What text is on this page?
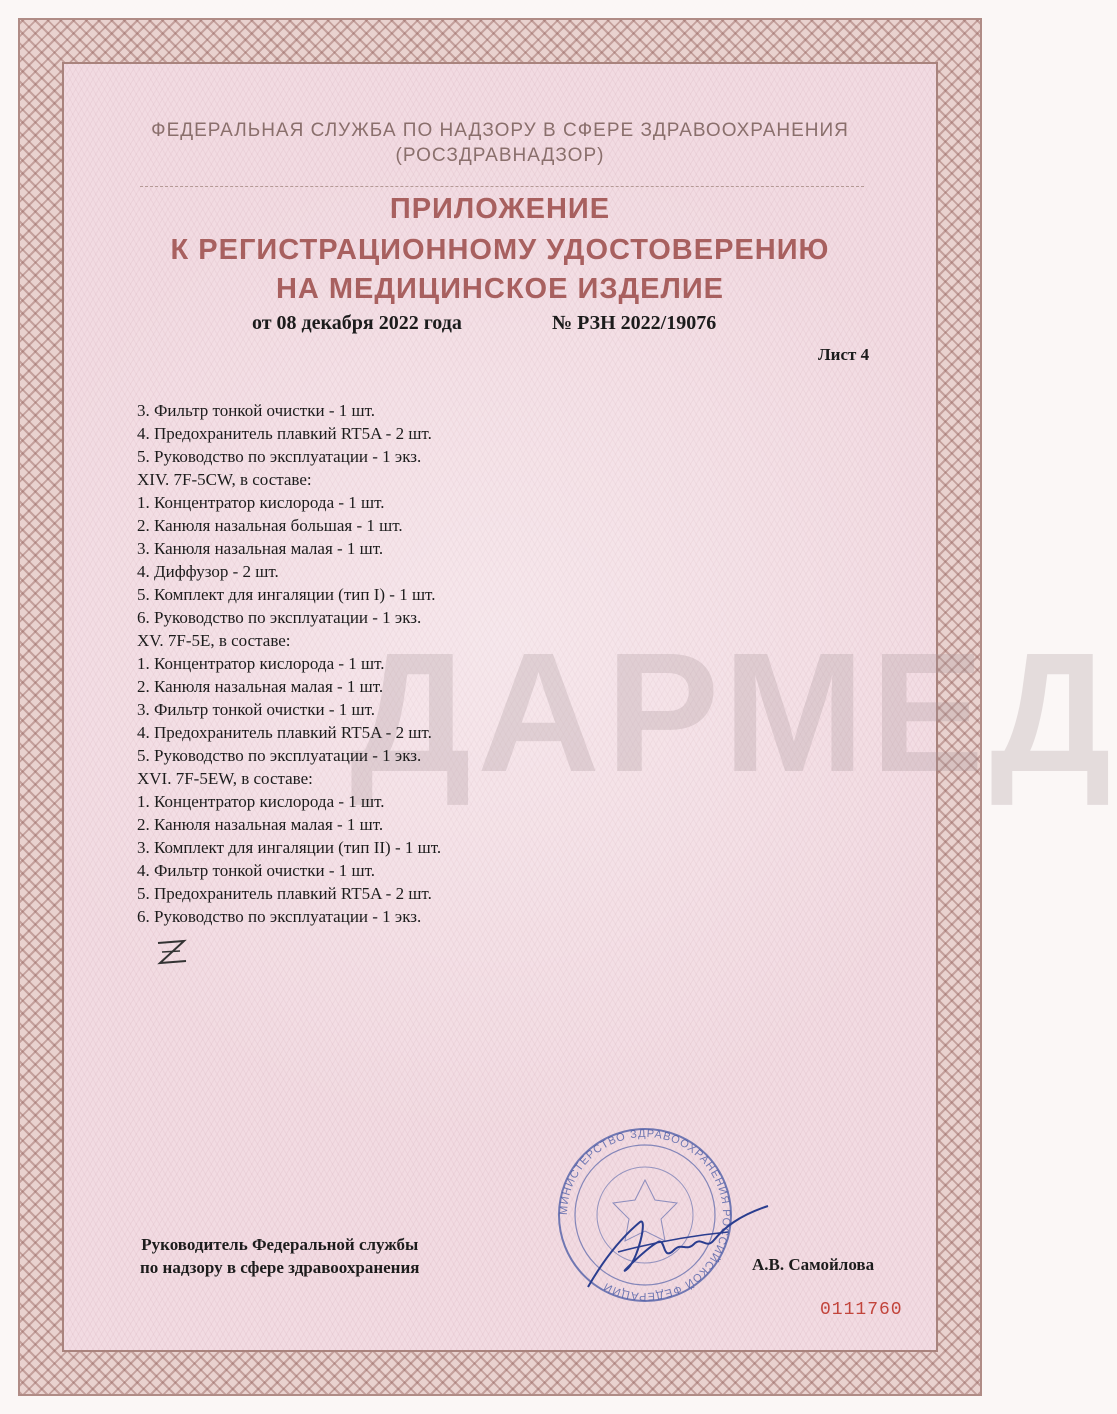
ФЕДЕРАЛЬНАЯ СЛУЖБА ПО НАДЗОРУ В СФЕРЕ ЗДРАВООХРАНЕНИЯ
(РОСЗДРАВНАДЗОР)
ПРИЛОЖЕНИЕ
К РЕГИСТРАЦИОННОМУ УДОСТОВЕРЕНИЮ
НА МЕДИЦИНСКОЕ ИЗДЕЛИЕ
от 08 декабря 2022 года	№ РЗН 2022/19076
Лист 4
ДАРМЕД
3. Фильтр тонкой очистки - 1 шт.
4. Предохранитель плавкий RT5A - 2 шт.
5. Руководство по эксплуатации - 1 экз.
XIV. 7F-5CW, в составе:
1. Концентратор кислорода - 1 шт.
2. Канюля назальная большая - 1 шт.
3. Канюля назальная малая - 1 шт.
4. Диффузор - 2 шт.
5. Комплект для ингаляции (тип I) - 1 шт.
6. Руководство по эксплуатации - 1 экз.
XV. 7F-5E, в составе:
1. Концентратор кислорода - 1 шт.
2. Канюля назальная малая - 1 шт.
3. Фильтр тонкой очистки - 1 шт.
4. Предохранитель плавкий RT5A - 2 шт.
5. Руководство по эксплуатации - 1 экз.
XVI. 7F-5EW, в составе:
1. Концентратор кислорода - 1 шт.
2. Канюля назальная малая - 1 шт.
3. Комплект для ингаляции (тип II) - 1 шт.
4. Фильтр тонкой очистки - 1 шт.
5. Предохранитель плавкий RT5A - 2 шт.
6. Руководство по эксплуатации - 1 экз.
Руководитель Федеральной службы
по надзору в сфере здравоохранения
МИНИСТЕРСТВО ЗДРАВООХРАНЕНИЯ РОССИЙСКОЙ ФЕДЕРАЦИИ
А.В. Самойлова
0111760
